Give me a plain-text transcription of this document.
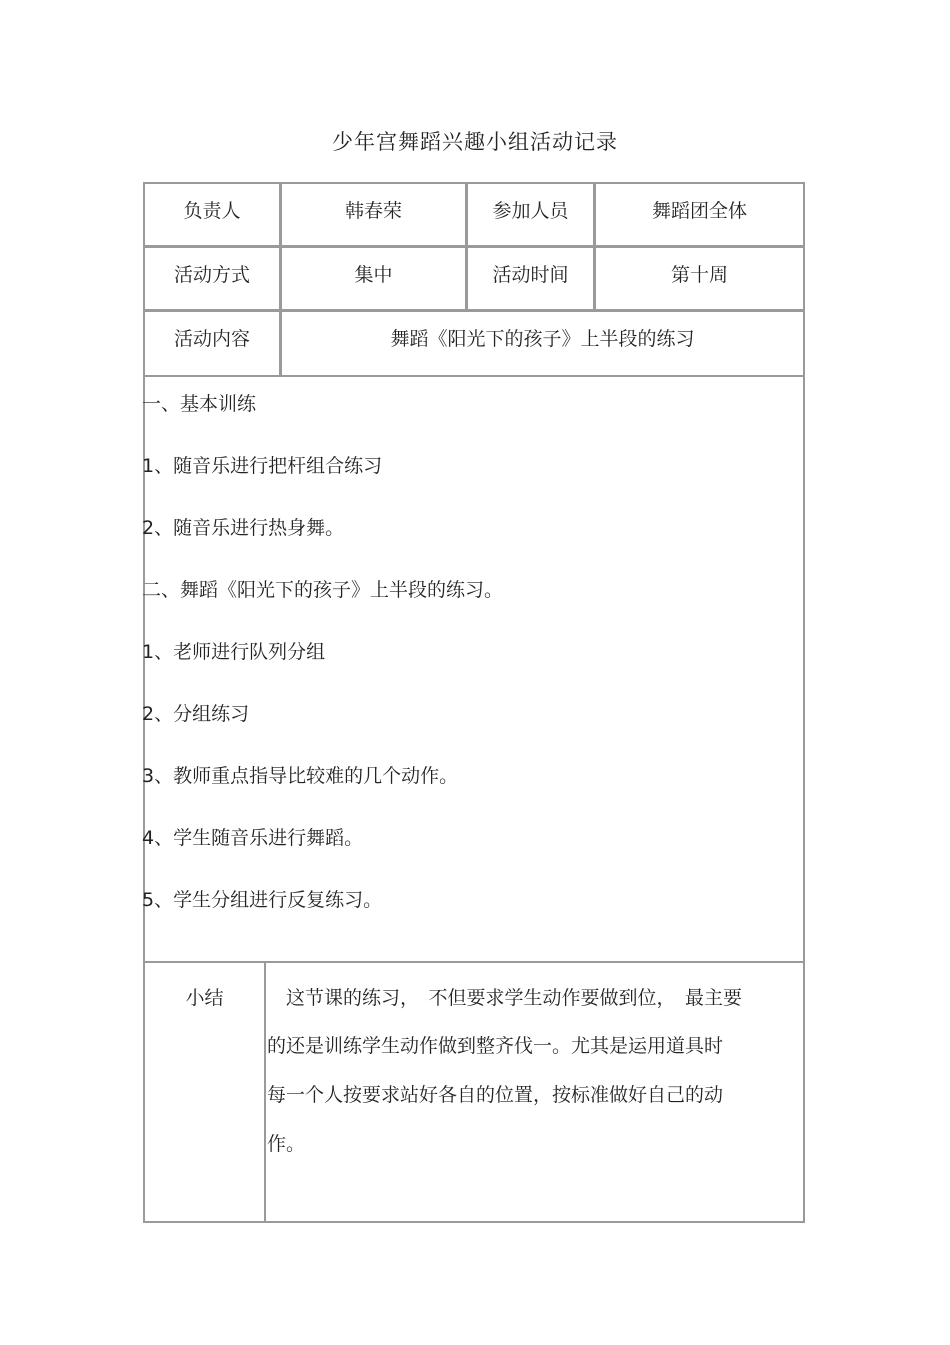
少年宫舞蹈兴趣小组活动记录
负责人	韩春荣	参加人员	舞蹈团全体
活动方式	集中	活动时间	第十周
活动内容	舞蹈《阳光下的孩子》上半段的练习
一、基本训练
1、随音乐进行把杆组合练习
2、随音乐进行热身舞。
二、舞蹈《阳光下的孩子》上半段的练习。
1、老师进行队列分组
2、分组练习
3、教师重点指导比较难的几个动作。
4、学生随音乐进行舞蹈。
5、学生分组进行反复练习。
小结	　这节课的练习，　不但要求学生动作要做到位，　最主要
的还是训练学生动作做到整齐伐一。尤其是运用道具时
每一个人按要求站好各自的位置，按标准做好自己的动
作。
